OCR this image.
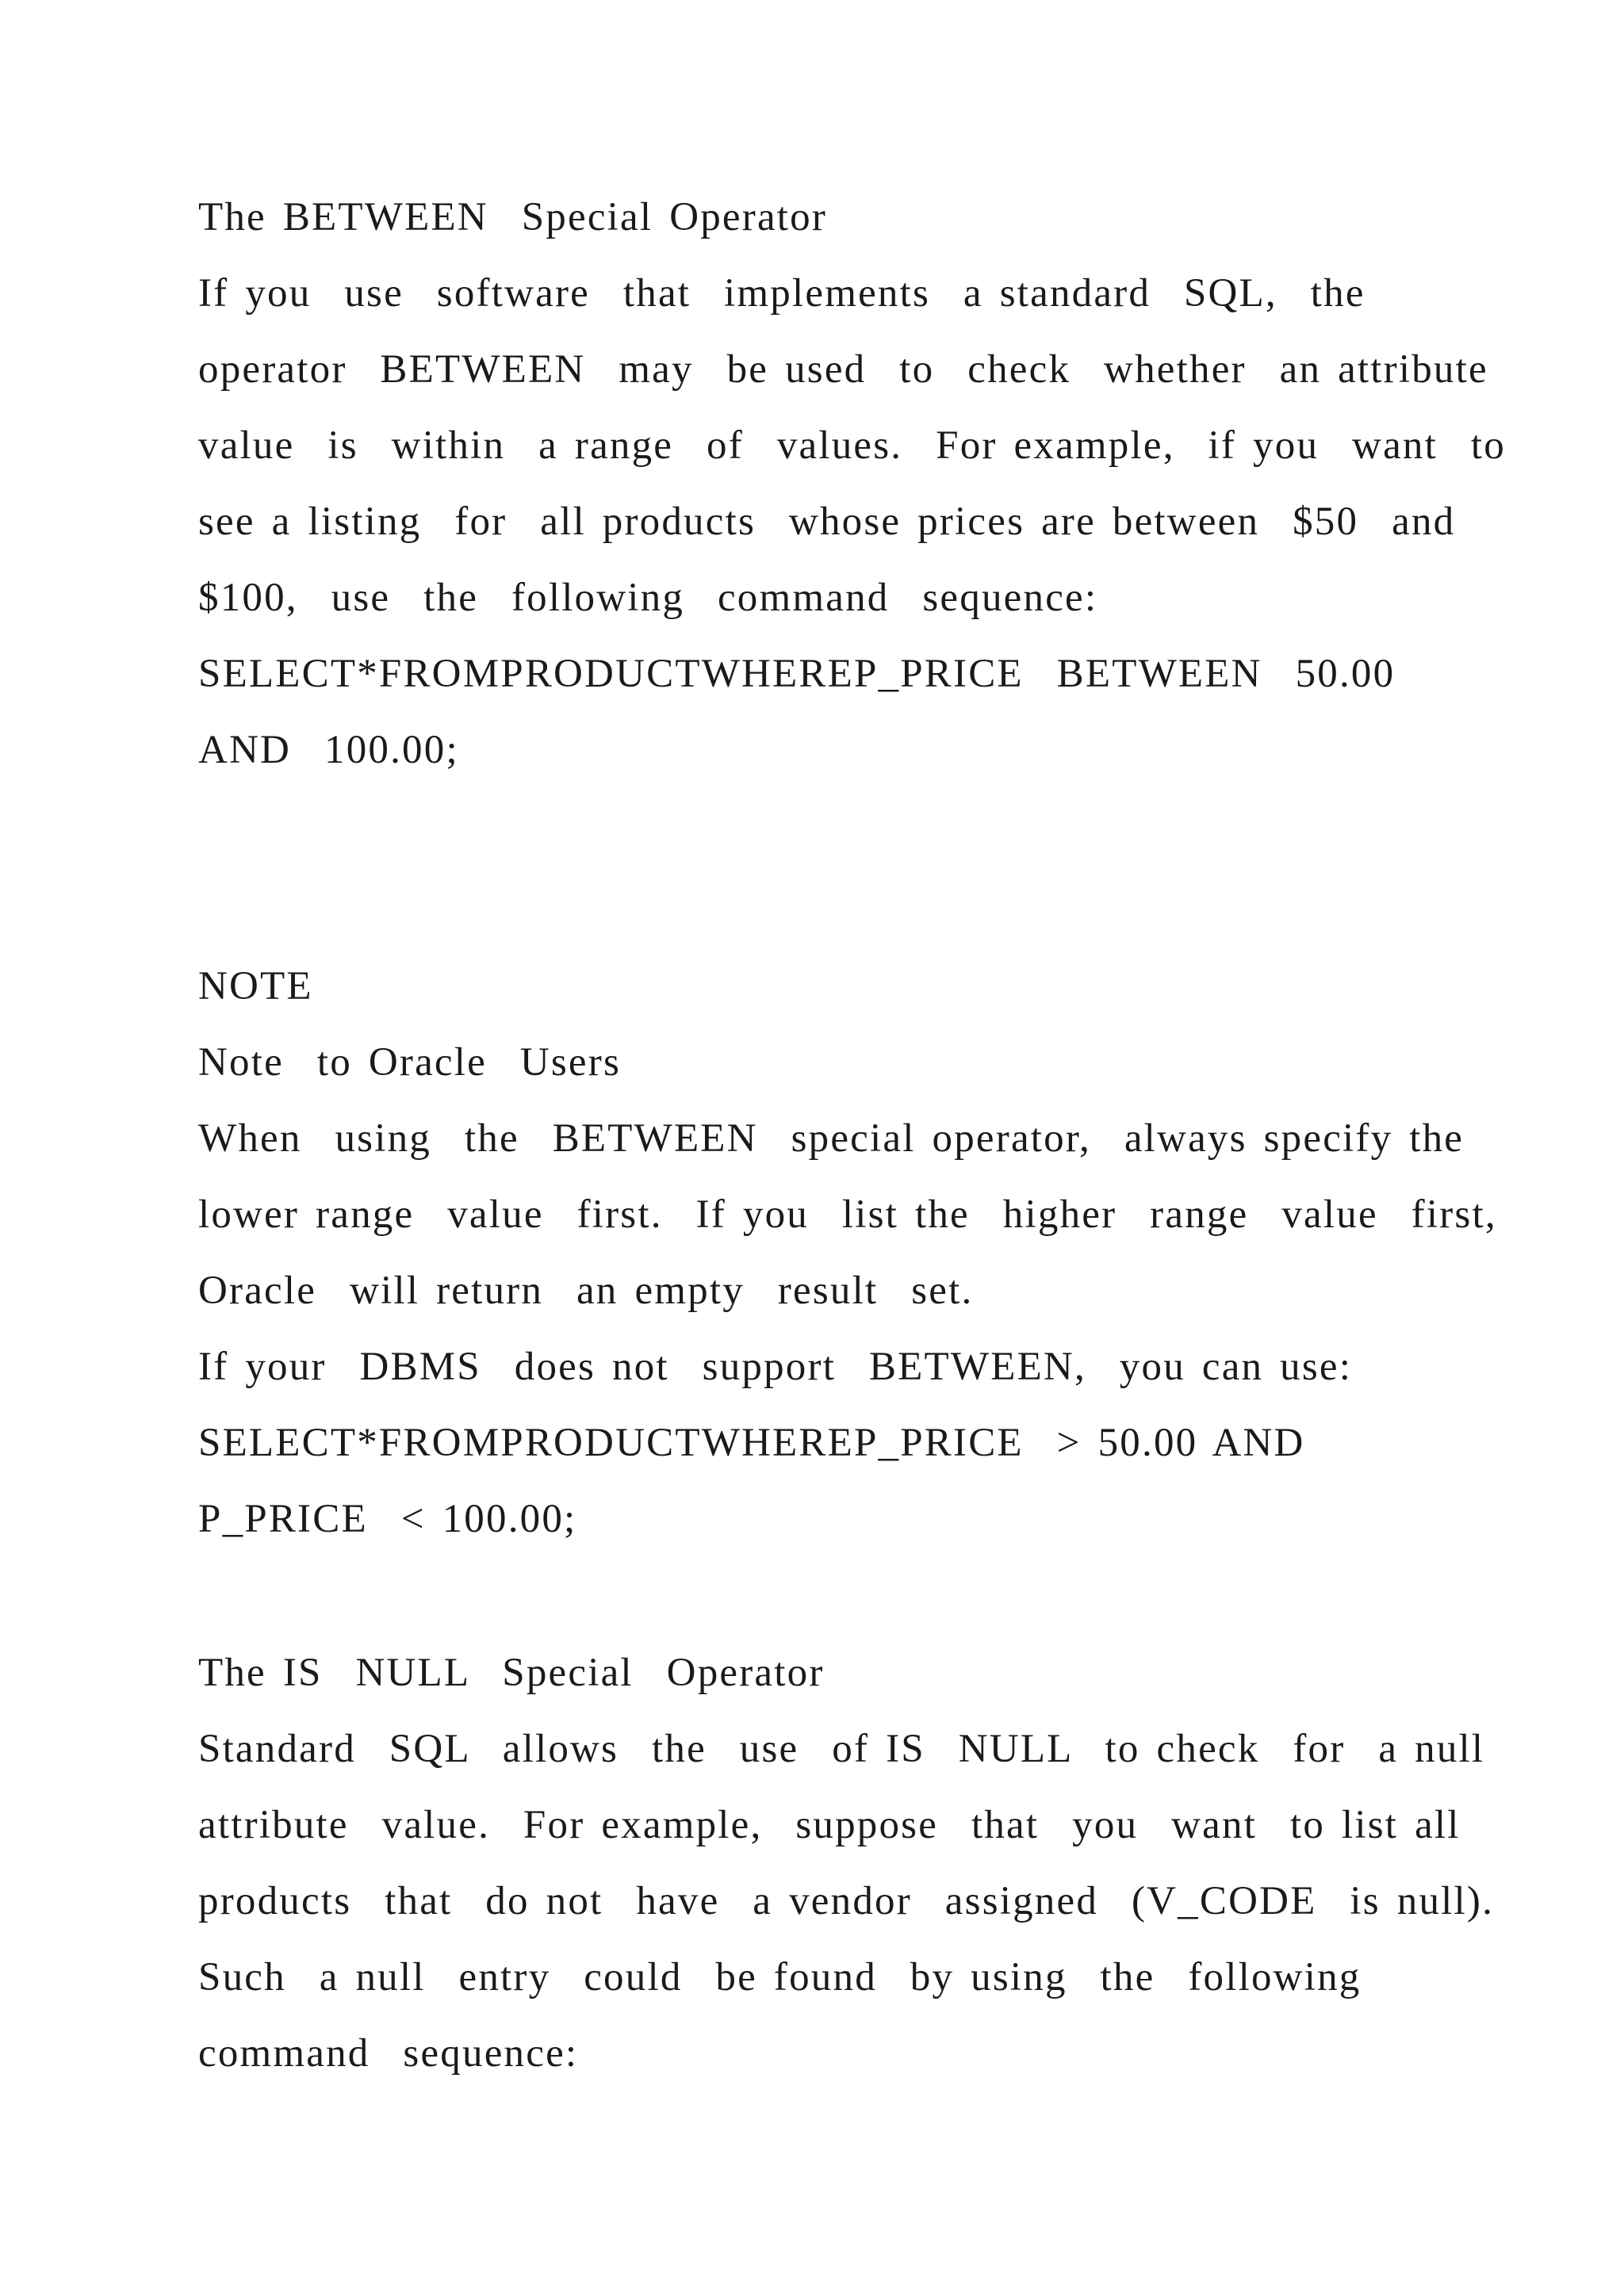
The BETWEEN  Special Operator
If you  use  software  that  implements  a standard  SQL,  the
operator  BETWEEN  may  be used  to  check  whether  an attribute
value  is  within  a range  of  values.  For example,  if you  want  to
see a listing  for  all products  whose prices are between  $50  and
$100,  use  the  following  command  sequence:
SELECT*FROMPRODUCTWHEREP_PRICE  BETWEEN  50.00
AND  100.00;
NOTE
Note  to Oracle  Users
When  using  the  BETWEEN  special operator,  always specify the
lower range  value  first.  If you  list the  higher  range  value  first,
Oracle  will return  an empty  result  set.
If your  DBMS  does not  support  BETWEEN,  you can use:
SELECT*FROMPRODUCTWHEREP_PRICE  > 50.00 AND
P_PRICE  < 100.00;
The IS  NULL  Special  Operator
Standard  SQL  allows  the  use  of IS  NULL  to check  for  a null
attribute  value.  For example,  suppose  that  you  want  to list all
products  that  do not  have  a vendor  assigned  (V_CODE  is null).
Such  a null  entry  could  be found  by using  the  following
command  sequence:
